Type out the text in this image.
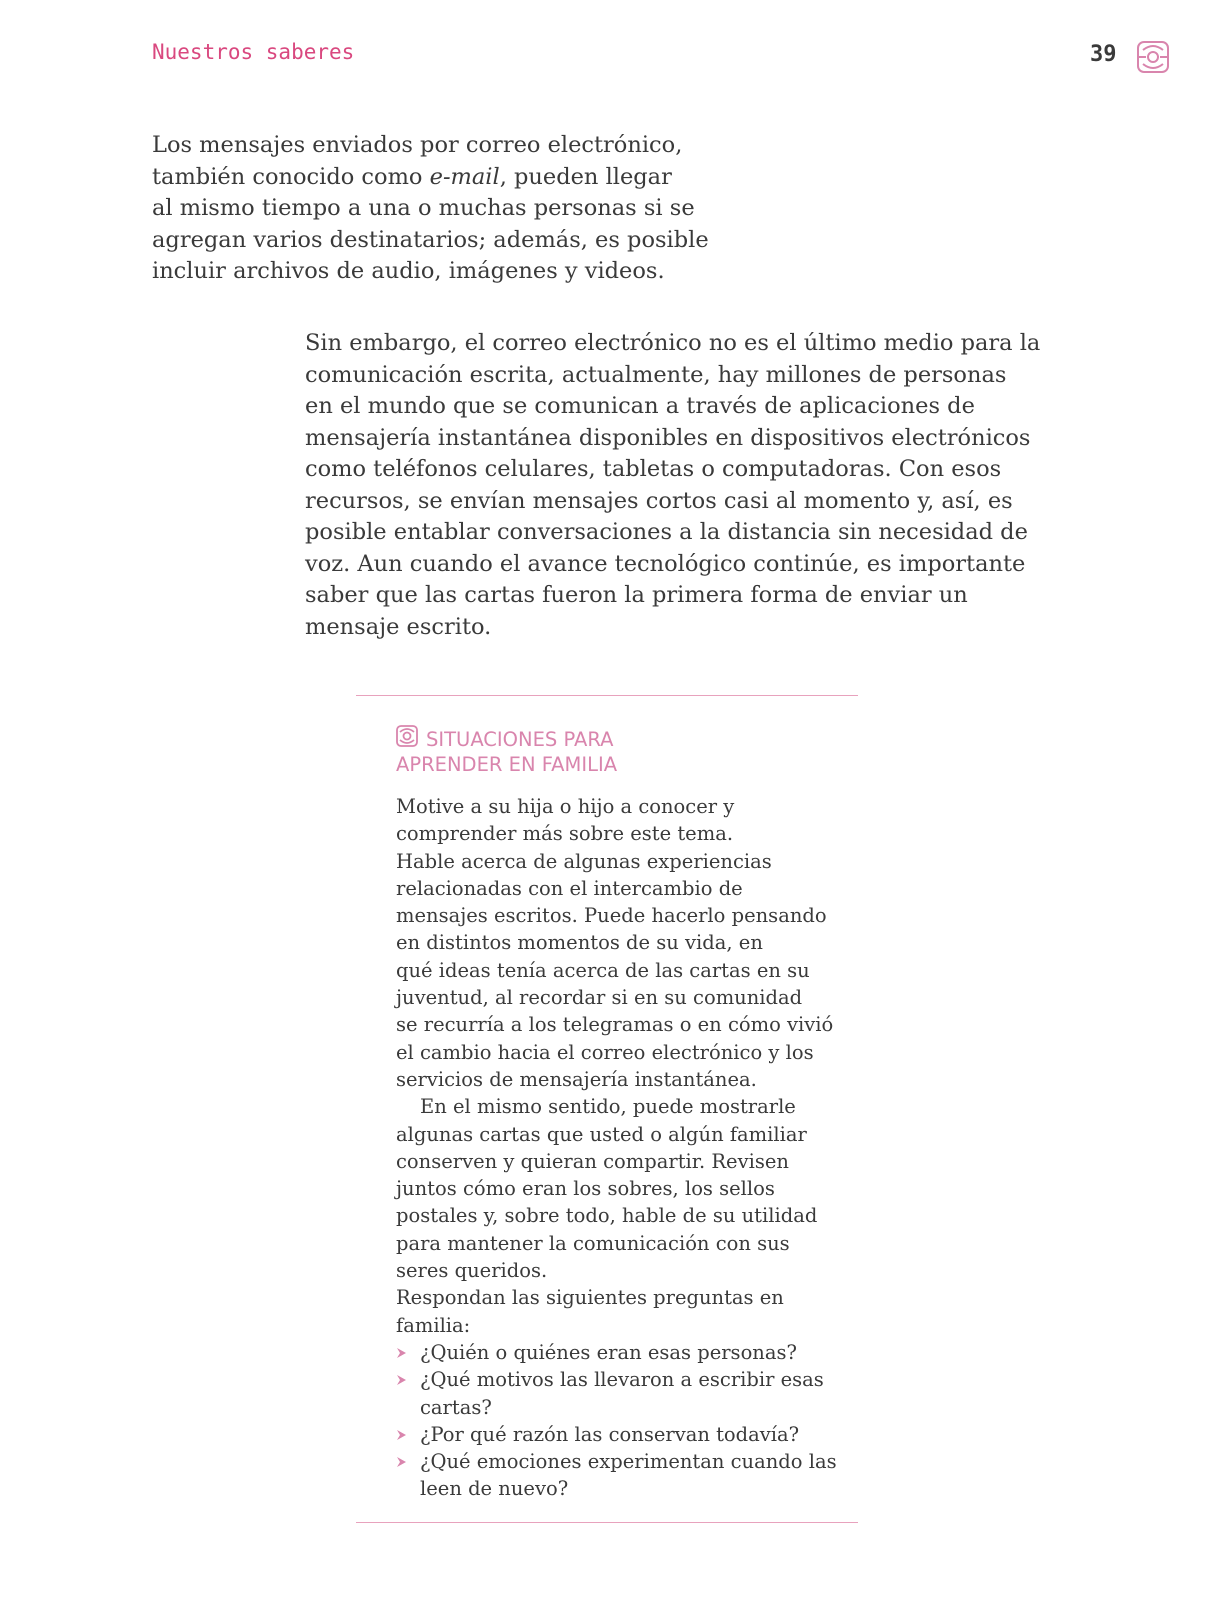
Nuestros saberes	39
Los mensajes enviados por correo electrónico,
también conocido como e-mail, pueden llegar
al mismo tiempo a una o muchas personas si se
agregan varios destinatarios; además, es posible
incluir archivos de audio, imágenes y videos.
Sin embargo, el correo electrónico no es el último medio para la
comunicación escrita, actualmente, hay millones de personas
en el mundo que se comunican a través de aplicaciones de
mensajería instantánea disponibles en dispositivos electrónicos
como teléfonos celulares, tabletas o computadoras. Con esos
recursos, se envían mensajes cortos casi al momento y, así, es
posible entablar conversaciones a la distancia sin necesidad de
voz. Aun cuando el avance tecnológico continúe, es importante
saber que las cartas fueron la primera forma de enviar un
mensaje escrito.
SITUACIONES PARA
APRENDER EN FAMILIA
Motive a su hija o hijo a conocer y
comprender más sobre este tema.
Hable acerca de algunas experiencias
relacionadas con el intercambio de
mensajes escritos. Puede hacerlo pensando
en distintos momentos de su vida, en
qué ideas tenía acerca de las cartas en su
juventud, al recordar si en su comunidad
se recurría a los telegramas o en cómo vivió
el cambio hacia el correo electrónico y los
servicios de mensajería instantánea.
En el mismo sentido, puede mostrarle
algunas cartas que usted o algún familiar
conserven y quieran compartir. Revisen
juntos cómo eran los sobres, los sellos
postales y, sobre todo, hable de su utilidad
para mantener la comunicación con sus
seres queridos.
Respondan las siguientes preguntas en
familia:
¿Quién o quiénes eran esas personas?
¿Qué motivos las llevaron a escribir esas
cartas?
¿Por qué razón las conservan todavía?
¿Qué emociones experimentan cuando las
leen de nuevo?
